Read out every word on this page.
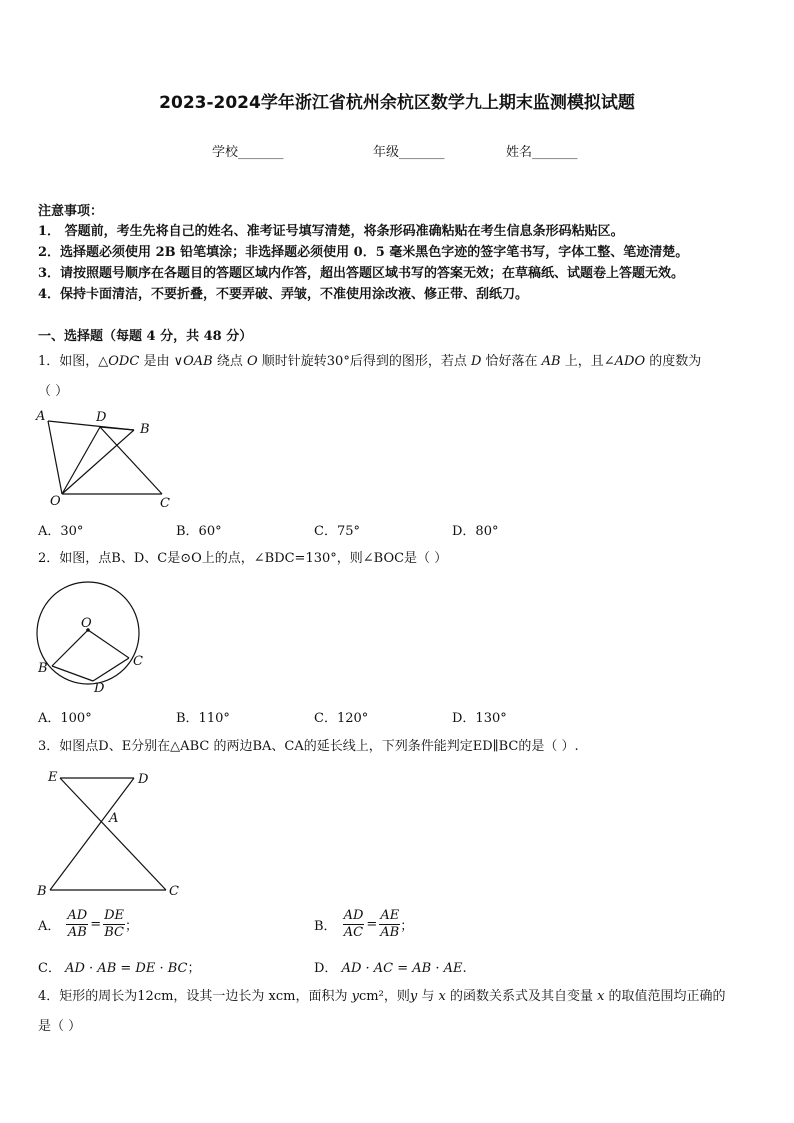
2023-2024学年浙江省杭州余杭区数学九上期末监测模拟试题
学校_______	年级_______	姓名_______
注意事项：
1． 答题前，考生先将自己的姓名、准考证号填写清楚，将条形码准确粘贴在考生信息条形码粘贴区。
2．选择题必须使用 2B 铅笔填涂；非选择题必须使用 0．5 毫米黑色字迹的签字笔书写，字体工整、笔迹清楚。
3．请按照题号顺序在各题目的答题区域内作答，超出答题区域书写的答案无效；在草稿纸、试题卷上答题无效。
4．保持卡面清洁，不要折叠，不要弄破、弄皱，不准使用涂改液、修正带、刮纸刀。
一、选择题（每题 4 分，共 48 分）
1．如图，△ODC 是由 ∨OAB 绕点 O 顺时针旋转30°后得到的图形，若点 D 恰好落在 AB 上，且∠ADO 的度数为
（ ）
A	D
B
O	C
A．30°	B．60°	C．75°	D．80°
2．如图，点B、D、C是⊙O上的点，∠BDC=130°，则∠BOC是（ ）
O
B	C
D
A．100°	B．110°	C．120°	D．130°
3．如图点D、E分别在△ABC 的两边BA、CA的延长线上，下列条件能判定ED∥BC的是（ ）.
E	D
A
B	C
A． $\frac{AD}{AB} = \frac{DE}{BC}$ ；	B． $\frac{AD}{AC} = \frac{AE}{AB}$ ；
C． AD · AB = DE · BC；	D． AD · AC = AB · AE.
4．矩形的周长为12cm，设其一边长为 xcm，面积为 ycm²，则y 与 x 的函数关系式及其自变量 x 的取值范围均正确的
是（ ）
